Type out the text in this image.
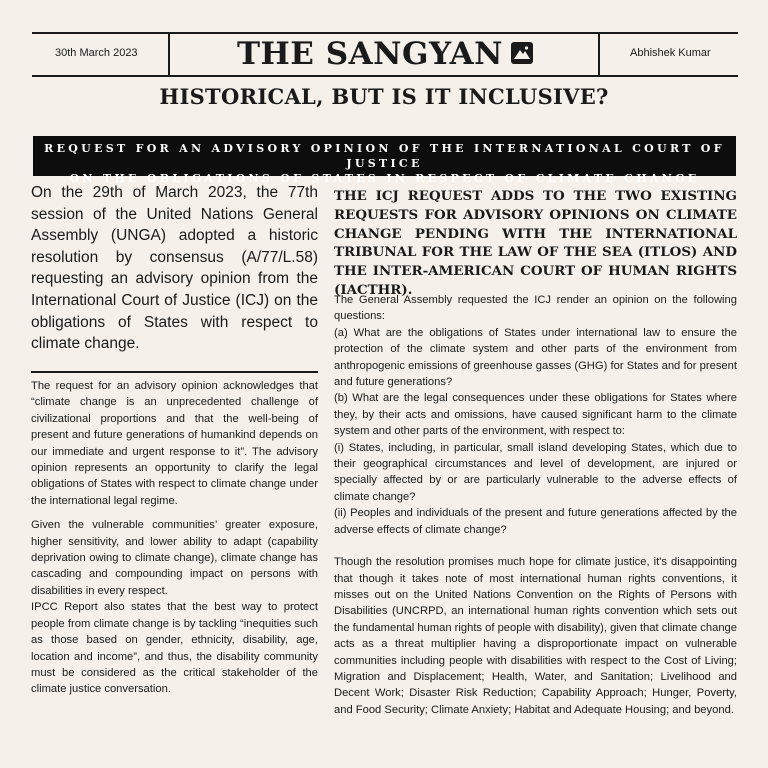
30th March 2023	THE SANGYAN	Abhishek Kumar
HISTORICAL, BUT IS IT INCLUSIVE?
REQUEST FOR AN ADVISORY OPINION OF THE INTERNATIONAL COURT OF JUSTICE
ON THE OBLIGATIONS OF STATES IN RESPECT OF CLIMATE CHANGE
On the 29th of March 2023, the 77th session of the United Nations General Assembly (UNGA) adopted a historic resolution by consensus (A/77/L.58) requesting an advisory opinion from the International Court of Justice (ICJ) on the obligations of States with respect to climate change.

The request for an advisory opinion acknowledges that “climate change is an unprecedented challenge of civilizational proportions and that the well-being of present and future generations of humankind depends on our immediate and urgent response to it”. The advisory opinion represents an opportunity to clarify the legal obligations of States with respect to climate change under the international legal regime.

Given the vulnerable communities’ greater exposure, higher sensitivity, and lower ability to adapt (capability deprivation owing to climate change), climate change has cascading and compounding impact on persons with disabilities in every respect.

IPCC Report also states that the best way to protect people from climate change is by tackling “inequities such as those based on gender, ethnicity, disability, age, location and income”, and thus, the disability community must be considered as the critical stakeholder of the climate justice conversation.

THE ICJ REQUEST ADDS TO THE TWO EXISTING REQUESTS FOR ADVISORY OPINIONS ON CLIMATE CHANGE PENDING WITH THE INTERNATIONAL TRIBUNAL FOR THE LAW OF THE SEA (ITLOS) AND THE INTER-AMERICAN COURT OF HUMAN RIGHTS (IACTHR).

The General Assembly requested the ICJ render an opinion on the following questions:
(a) What are the obligations of States under international law to ensure the protection of the climate system and other parts of the environment from anthropogenic emissions of greenhouse gasses (GHG) for States and for present and future generations?
(b) What are the legal consequences under these obligations for States where they, by their acts and omissions, have caused significant harm to the climate system and other parts of the environment, with respect to:
(i) States, including, in particular, small island developing States, which due to their geographical circumstances and level of development, are injured or specially affected by or are particularly vulnerable to the adverse effects of climate change?
(ii) Peoples and individuals of the present and future generations affected by the adverse effects of climate change?

Though the resolution promises much hope for climate justice, it's disappointing that though it takes note of most international human rights conventions, it misses out on the United Nations Convention on the Rights of Persons with Disabilities (UNCRPD, an international human rights convention which sets out the fundamental human rights of people with disability), given that climate change acts as a threat multiplier having a disproportionate impact on vulnerable communities including people with disabilities with respect to the Cost of Living; Migration and Displacement; Health, Water, and Sanitation; Livelihood and Decent Work; Disaster Risk Reduction; Capability Approach; Hunger, Poverty, and Food Security; Climate Anxiety; Habitat and Adequate Housing; and beyond.
